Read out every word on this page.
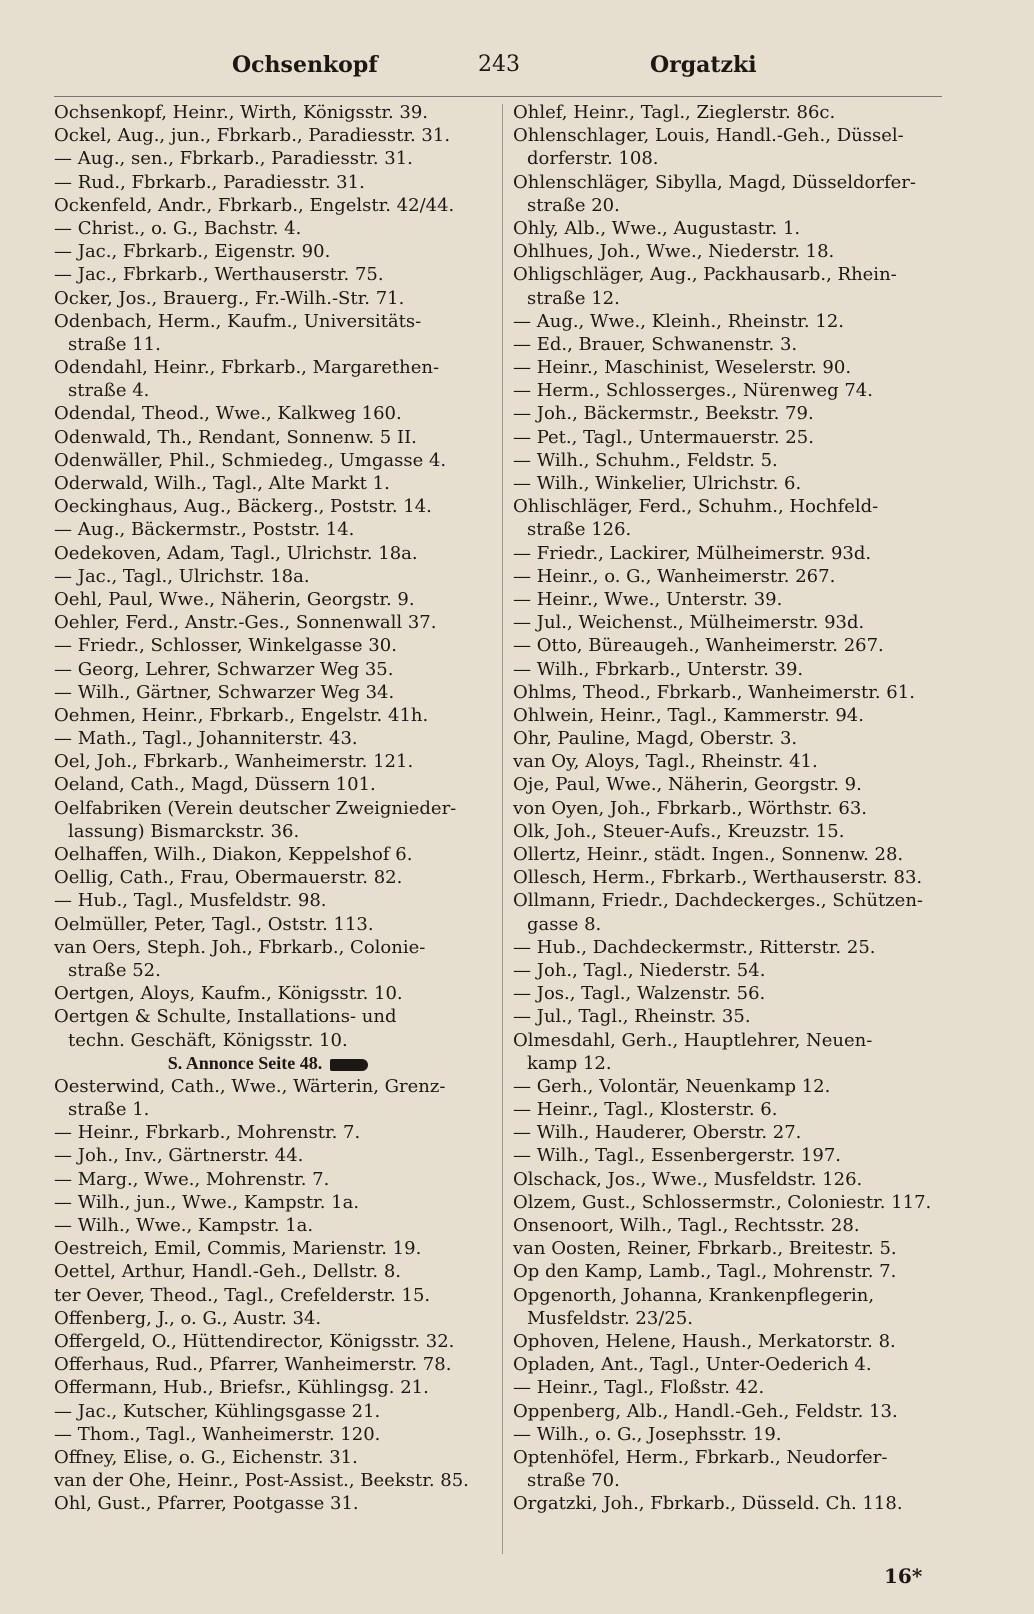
Ochsenkopf	243	Orgatzki
Ochsenkopf, Heinr., Wirth, Königsstr. 39.
Ockel, Aug., jun., Fbrkarb., Paradiesstr. 31.
— Aug., sen., Fbrkarb., Paradiesstr. 31.
— Rud., Fbrkarb., Paradiesstr. 31.
Ockenfeld, Andr., Fbrkarb., Engelstr. 42/44.
— Christ., o. G., Bachstr. 4.
— Jac., Fbrkarb., Eigenstr. 90.
— Jac., Fbrkarb., Werthauserstr. 75.
Ocker, Jos., Brauerg., Fr.-Wilh.-Str. 71.
Odenbach, Herm., Kaufm., Universitäts-
straße 11.
Odendahl, Heinr., Fbrkarb., Margarethen-
straße 4.
Odendal, Theod., Wwe., Kalkweg 160.
Odenwald, Th., Rendant, Sonnenw. 5 II.
Odenwäller, Phil., Schmiedeg., Umgasse 4.
Oderwald, Wilh., Tagl., Alte Markt 1.
Oeckinghaus, Aug., Bäckerg., Poststr. 14.
— Aug., Bäckermstr., Poststr. 14.
Oedekoven, Adam, Tagl., Ulrichstr. 18a.
— Jac., Tagl., Ulrichstr. 18a.
Oehl, Paul, Wwe., Näherin, Georgstr. 9.
Oehler, Ferd., Anstr.-Ges., Sonnenwall 37.
— Friedr., Schlosser, Winkelgasse 30.
— Georg, Lehrer, Schwarzer Weg 35.
— Wilh., Gärtner, Schwarzer Weg 34.
Oehmen, Heinr., Fbrkarb., Engelstr. 41h.
— Math., Tagl., Johanniterstr. 43.
Oel, Joh., Fbrkarb., Wanheimerstr. 121.
Oeland, Cath., Magd, Düssern 101.
Oelfabriken (Verein deutscher Zweignieder-
lassung) Bismarckstr. 36.
Oelhaffen, Wilh., Diakon, Keppelshof 6.
Oellig, Cath., Frau, Obermauerstr. 82.
— Hub., Tagl., Musfeldstr. 98.
Oelmüller, Peter, Tagl., Oststr. 113.
van Oers, Steph. Joh., Fbrkarb., Colonie-
straße 52.
Oertgen, Aloys, Kaufm., Königsstr. 10.
Oertgen & Schulte, Installations- und
techn. Geschäft, Königsstr. 10.
S. Annonce Seite 48.
Oesterwind, Cath., Wwe., Wärterin, Grenz-
straße 1.
— Heinr., Fbrkarb., Mohrenstr. 7.
— Joh., Inv., Gärtnerstr. 44.
— Marg., Wwe., Mohrenstr. 7.
— Wilh., jun., Wwe., Kampstr. 1a.
— Wilh., Wwe., Kampstr. 1a.
Oestreich, Emil, Commis, Marienstr. 19.
Oettel, Arthur, Handl.-Geh., Dellstr. 8.
ter Oever, Theod., Tagl., Crefelderstr. 15.
Offenberg, J., o. G., Austr. 34.
Offergeld, O., Hüttendirector, Königsstr. 32.
Offerhaus, Rud., Pfarrer, Wanheimerstr. 78.
Offermann, Hub., Briefsr., Kühlingsg. 21.
— Jac., Kutscher, Kühlingsgasse 21.
— Thom., Tagl., Wanheimerstr. 120.
Offney, Elise, o. G., Eichenstr. 31.
van der Ohe, Heinr., Post-Assist., Beekstr. 85.
Ohl, Gust., Pfarrer, Pootgasse 31.
Ohlef, Heinr., Tagl., Zieglerstr. 86c.
Ohlenschlager, Louis, Handl.-Geh., Düssel-
dorferstr. 108.
Ohlenschläger, Sibylla, Magd, Düsseldorfer-
straße 20.
Ohly, Alb., Wwe., Augustastr. 1.
Ohlhues, Joh., Wwe., Niederstr. 18.
Ohligschläger, Aug., Packhausarb., Rhein-
straße 12.
— Aug., Wwe., Kleinh., Rheinstr. 12.
— Ed., Brauer, Schwanenstr. 3.
— Heinr., Maschinist, Weselerstr. 90.
— Herm., Schlosserges., Nürenweg 74.
— Joh., Bäckermstr., Beekstr. 79.
— Pet., Tagl., Untermauerstr. 25.
— Wilh., Schuhm., Feldstr. 5.
— Wilh., Winkelier, Ulrichstr. 6.
Ohlischläger, Ferd., Schuhm., Hochfeld-
straße 126.
— Friedr., Lackirer, Mülheimerstr. 93d.
— Heinr., o. G., Wanheimerstr. 267.
— Heinr., Wwe., Unterstr. 39.
— Jul., Weichenst., Mülheimerstr. 93d.
— Otto, Büreaugeh., Wanheimerstr. 267.
— Wilh., Fbrkarb., Unterstr. 39.
Ohlms, Theod., Fbrkarb., Wanheimerstr. 61.
Ohlwein, Heinr., Tagl., Kammerstr. 94.
Ohr, Pauline, Magd, Oberstr. 3.
van Oy, Aloys, Tagl., Rheinstr. 41.
Oje, Paul, Wwe., Näherin, Georgstr. 9.
von Oyen, Joh., Fbrkarb., Wörthstr. 63.
Olk, Joh., Steuer-Aufs., Kreuzstr. 15.
Ollertz, Heinr., städt. Ingen., Sonnenw. 28.
Ollesch, Herm., Fbrkarb., Werthauserstr. 83.
Ollmann, Friedr., Dachdeckerges., Schützen-
gasse 8.
— Hub., Dachdeckermstr., Ritterstr. 25.
— Joh., Tagl., Niederstr. 54.
— Jos., Tagl., Walzenstr. 56.
— Jul., Tagl., Rheinstr. 35.
Olmesdahl, Gerh., Hauptlehrer, Neuen-
kamp 12.
— Gerh., Volontär, Neuenkamp 12.
— Heinr., Tagl., Klosterstr. 6.
— Wilh., Hauderer, Oberstr. 27.
— Wilh., Tagl., Essenbergerstr. 197.
Olschack, Jos., Wwe., Musfeldstr. 126.
Olzem, Gust., Schlossermstr., Coloniestr. 117.
Onsenoort, Wilh., Tagl., Rechtsstr. 28.
van Oosten, Reiner, Fbrkarb., Breitestr. 5.
Op den Kamp, Lamb., Tagl., Mohrenstr. 7.
Opgenorth, Johanna, Krankenpflegerin,
Musfeldstr. 23/25.
Ophoven, Helene, Haush., Merkatorstr. 8.
Opladen, Ant., Tagl., Unter-Oederich 4.
— Heinr., Tagl., Floßstr. 42.
Oppenberg, Alb., Handl.-Geh., Feldstr. 13.
— Wilh., o. G., Josephsstr. 19.
Optenhöfel, Herm., Fbrkarb., Neudorfer-
straße 70.
Orgatzki, Joh., Fbrkarb., Düsseld. Ch. 118.
16*
